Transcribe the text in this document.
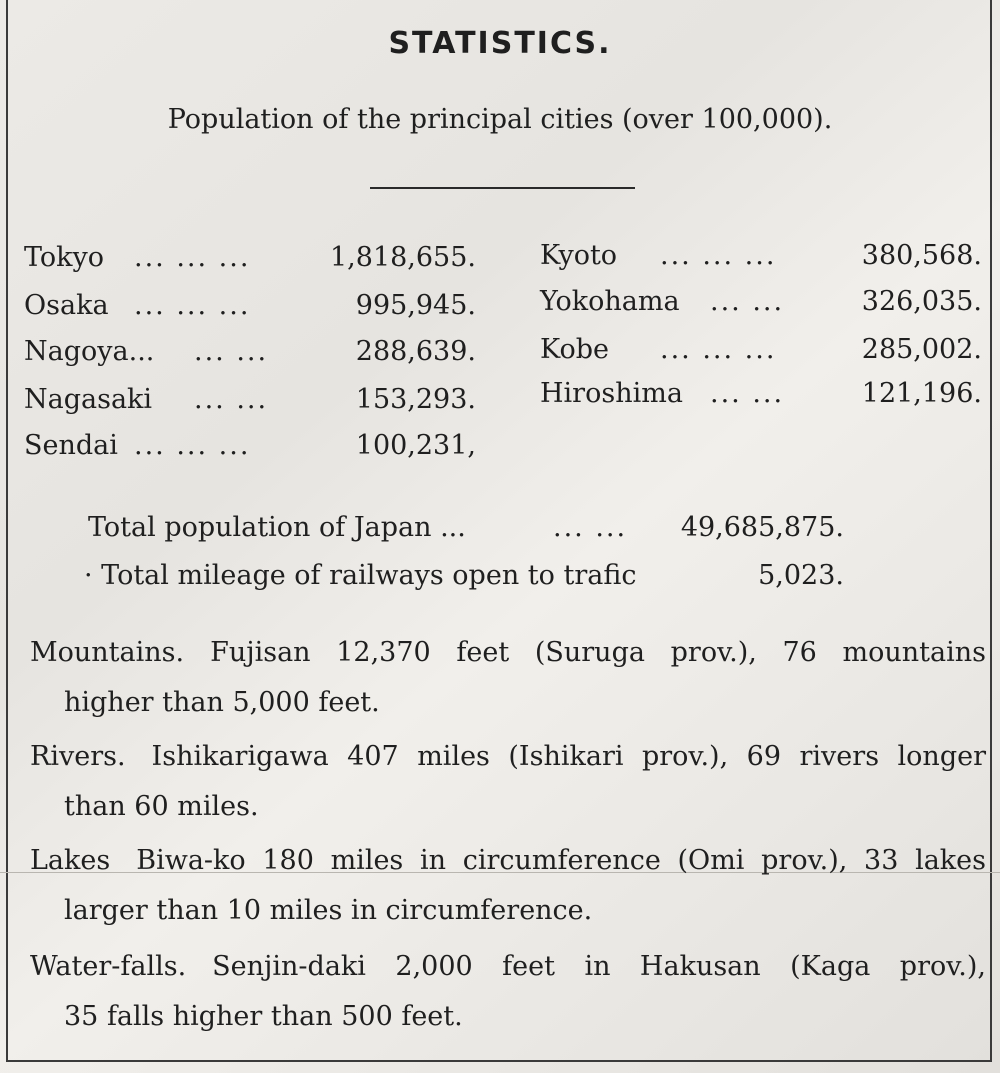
STATISTICS.
Population of the principal cities (over 100,000).
Tokyo ... ... ...	1,818,655.
Osaka ... ... ...	995,945.
Nagoya... ... ...	288,639.
Nagasaki ... ...	153,293.
Sendai ... ... ...	100,231,
Kyoto ... ... ...	380,568.
Yokohama ... ...	326,035.
Kobe ... ... ...	285,002.
Hiroshima ... ...	121,196.
Total population of Japan ...	... ... 49,685,875.
· Total mileage of railways open to trafic	5,023.
Mountains. Fujisan 12,370 feet (Suruga prov.), 76 mountains
higher than 5,000 feet.
Rivers. Ishikarigawa 407 miles (Ishikari prov.), 69 rivers longer
than 60 miles.
Lakes Biwa-ko 180 miles in circumference (Omi prov.), 33 lakes
larger than 10 miles in circumference.
Water-falls. Senjin-daki 2,000 feet in Hakusan (Kaga prov.),
35 falls higher than 500 feet.
